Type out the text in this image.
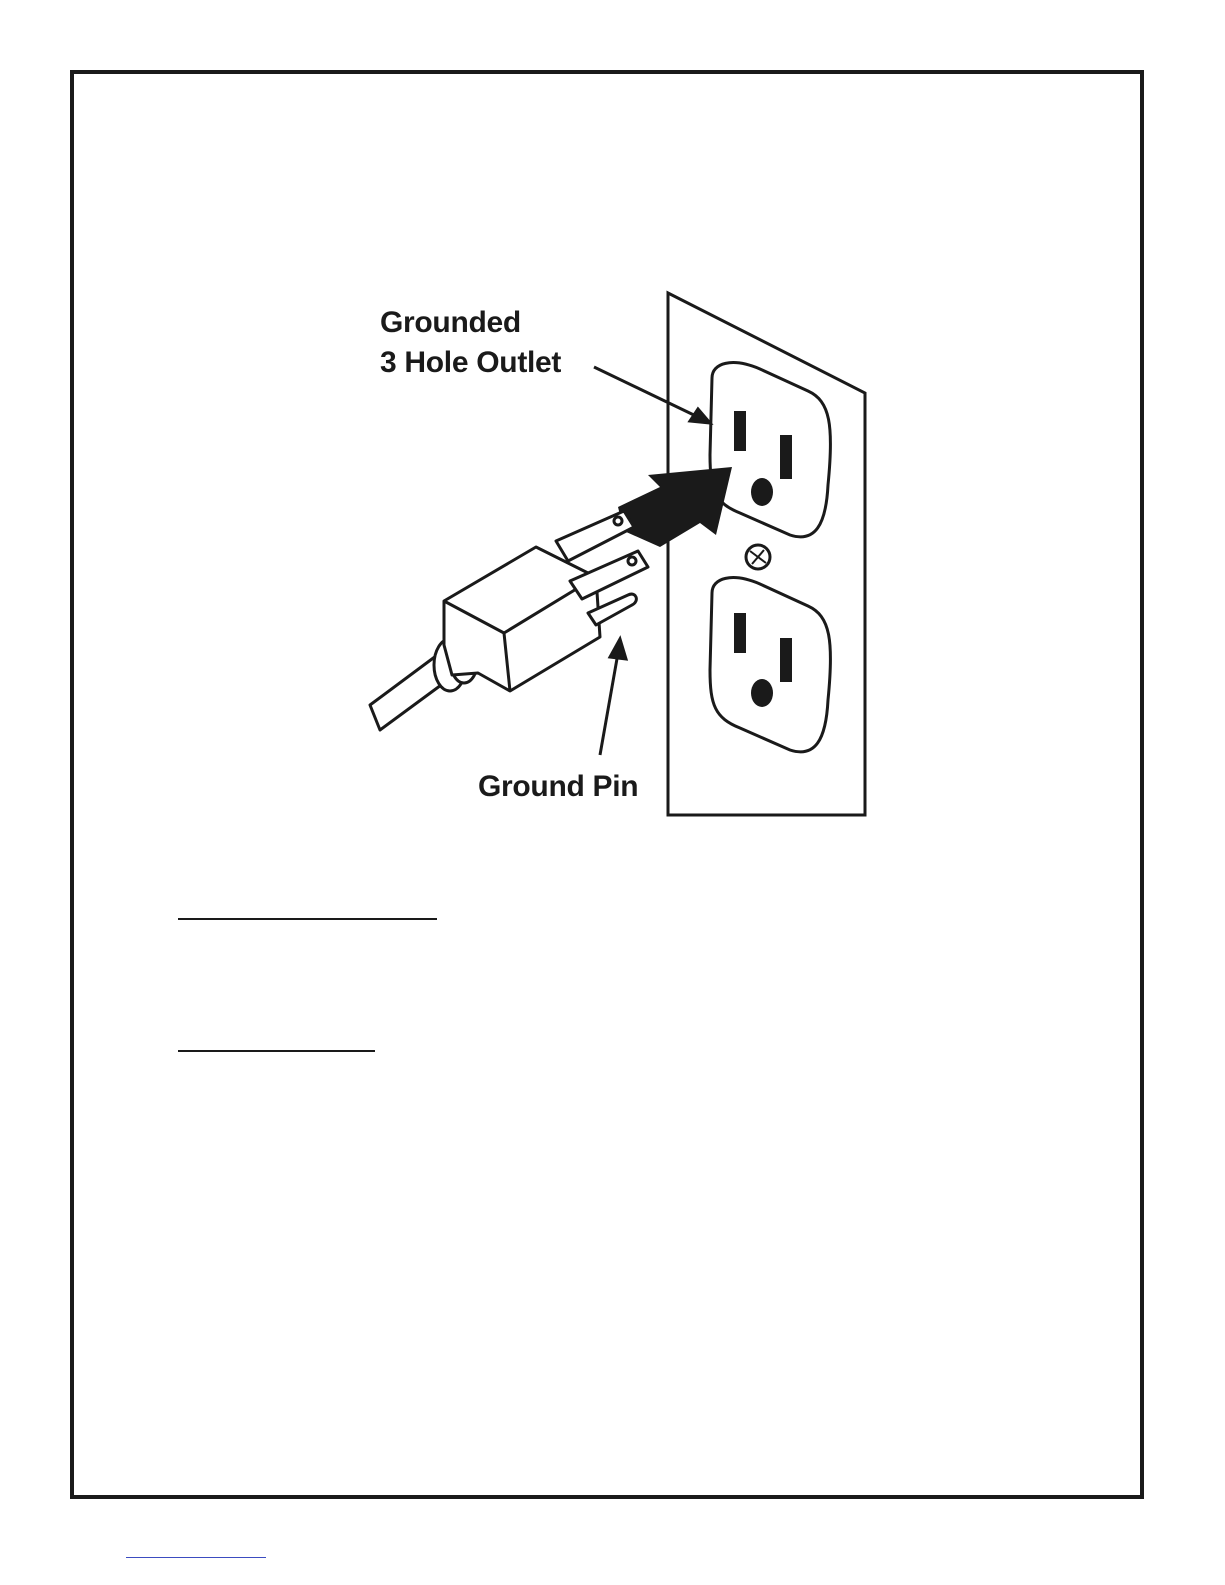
Grounded
3 Hole Outlet
Ground Pin
